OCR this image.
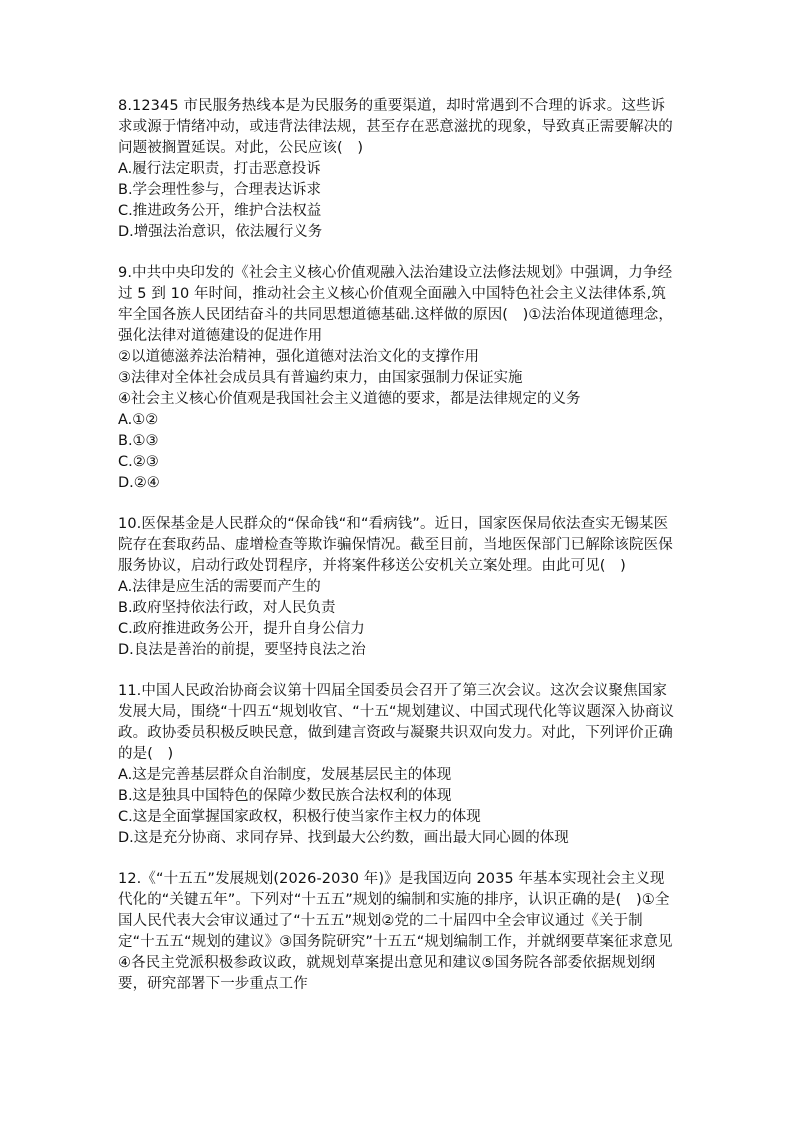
8.12345 市民服务热线本是为民服务的重要渠道，却时常遇到不合理的诉求。这些诉求或源于情绪冲动，或违背法律法规，甚至存在恶意滋扰的现象，导致真正需要解决的问题被搁置延误。对此，公民应该(　)

A.履行法定职责，打击恶意投诉

B.学会理性参与，合理表达诉求

C.推进政务公开，维护合法权益

D.增强法治意识，依法履行义务

9.中共中央印发的《社会主义核心价值观融入法治建设立法修法规划》中强调，力争经过 5 到 10 年时间，推动社会主义核心价值观全面融入中国特色社会主义法律体系,筑牢全国各族人民团结奋斗的共同思想道德基础.这样做的原因(　)①法治体现道德理念，强化法律对道德建设的促进作用

②以道德滋养法治精神，强化道德对法治文化的支撑作用

③法律对全体社会成员具有普遍约束力，由国家强制力保证实施

④社会主义核心价值观是我国社会主义道德的要求，都是法律规定的义务

A.①②

B.①③

C.②③

D.②④

10.医保基金是人民群众的“保命钱“和“看病钱”。近日，国家医保局依法查实无锡某医院存在套取药品、虚增检查等欺诈骗保情况。截至目前，当地医保部门已解除该院医保服务协议，启动行政处罚程序，并将案件移送公安机关立案处理。由此可见(　)

A.法律是应生活的需要而产生的

B.政府坚持依法行政，对人民负责

C.政府推进政务公开，提升自身公信力

D.良法是善治的前提，要坚持良法之治

11.中国人民政治协商会议第十四届全国委员会召开了第三次会议。这次会议聚焦国家发展大局，围绕“十四五“规划收官、“十五“规划建议、中国式现代化等议题深入协商议政。政协委员积极反映民意，做到建言资政与凝聚共识双向发力。对此，下列评价正确的是(　)

A.这是完善基层群众自治制度，发展基层民主的体现

B.这是独具中国特色的保障少数民族合法权利的体现

C.这是全面掌握国家政权，积极行使当家作主权力的体现

D.这是充分协商、求同存异、找到最大公约数，画出最大同心圆的体现

12.《“十五五”发展规划(2026-2030 年)》是我国迈向 2035 年基本实现社会主义现代化的“关键五年”。下列对“十五五”规划的编制和实施的排序，认识正确的是(　)①全国人民代表大会审议通过了“十五五”规划②党的二十届四中全会审议通过《关于制定“十五五“规划的建议》③国务院研究”十五五“规划编制工作，并就纲要草案征求意见④各民主党派积极参政议政，就规划草案提出意见和建议⑤国务院各部委依据规划纲要，研究部署下一步重点工作
